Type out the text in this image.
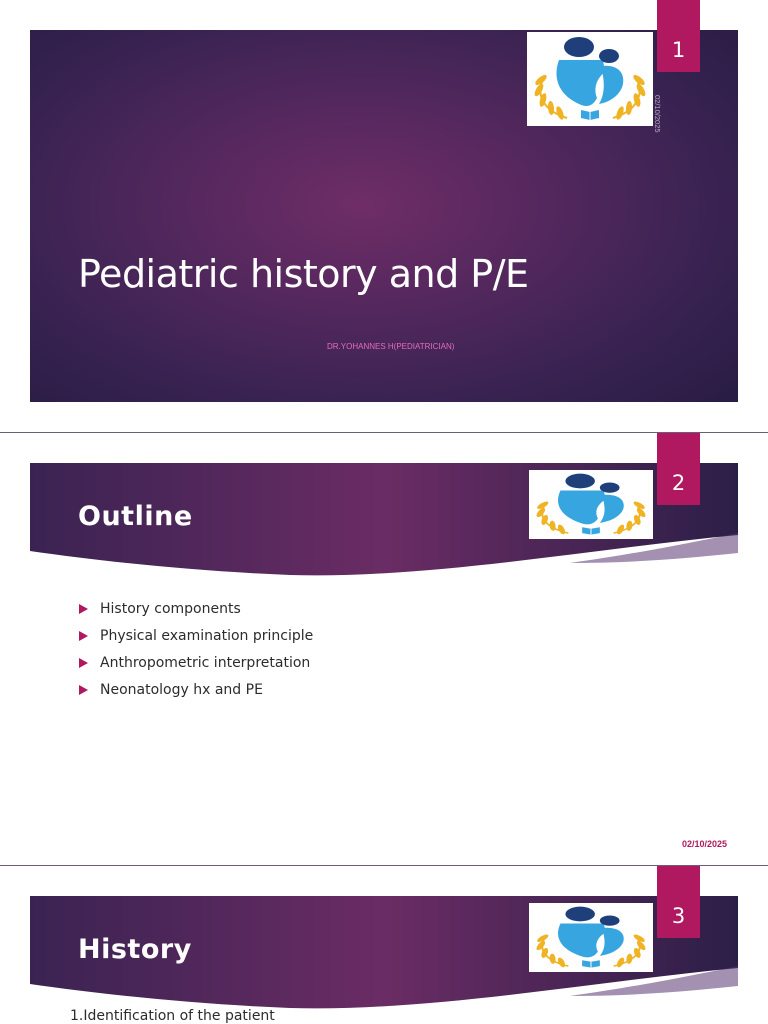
Pediatric history and P/E
DR.YOHANNES H(PEDIATRICIAN)
02/10/2025
1
Outline
2
History components
Physical examination principle
Anthropometric interpretation
Neonatology hx and PE
02/10/2025
History
3
1.Identification of the patient
